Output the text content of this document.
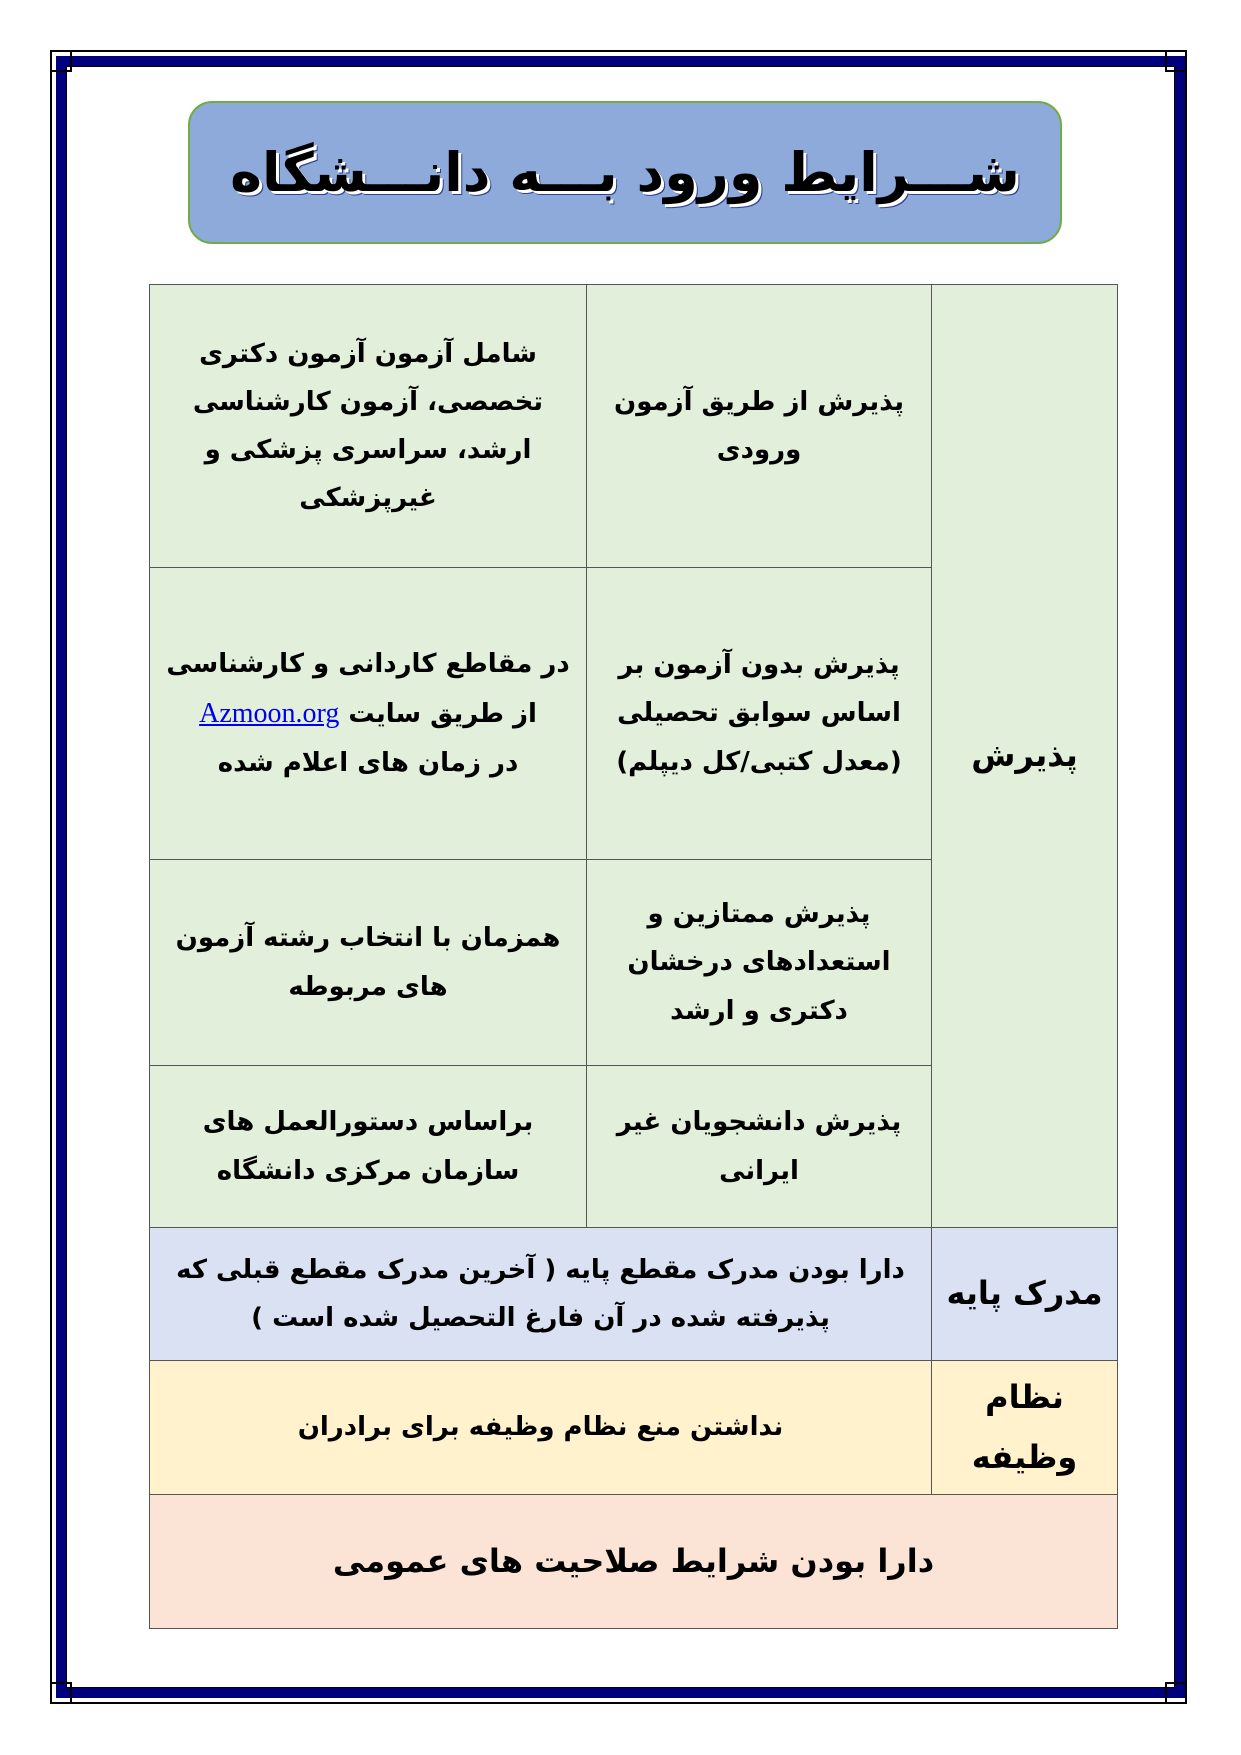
شـــرایط ورود بـــه دانـــشگاه
پذیرش	پذیرش از طریق آزمون ورودی	شامل آزمون آزمون دکتری تخصصی، آزمون کارشناسی ارشد، سراسری پزشکی و غیرپزشکی
	پذیرش بدون آزمون بر اساس سوابق تحصیلی (معدل کتبی/کل دیپلم)	در مقاطع کاردانی و کارشناسی از طریق سایت Azmoon.org
در زمان های اعلام شده
	پذیرش ممتازین و استعدادهای درخشان دکتری و ارشد	همزمان با انتخاب رشته آزمون های مربوطه
	پذیرش دانشجویان غیر ایرانی	براساس دستورالعمل های سازمان مرکزی دانشگاه
مدرک پایه	دارا بودن مدرک مقطع پایه ( آخرین مدرک مقطع قبلی که پذیرفته شده در آن فارغ التحصیل شده است )	
نظام وظیفه	نداشتن منع نظام وظیفه برای برادران	
دارا بودن شرایط صلاحیت های عمومی		
